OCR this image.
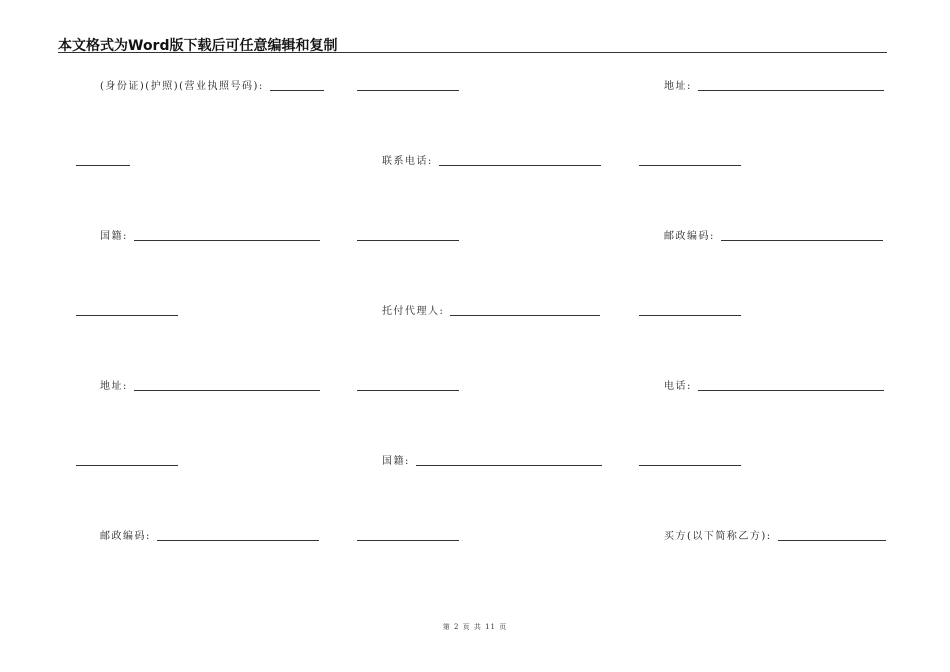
本文格式为Word版下载后可任意编辑和复制
(身份证)(护照)(营业执照号码):	地址:
联系电话:
国籍:	邮政编码:
托付代理人:
地址:	电话:
国籍:
邮政编码:	买方(以下简称乙方):
第 2 页 共 11 页
